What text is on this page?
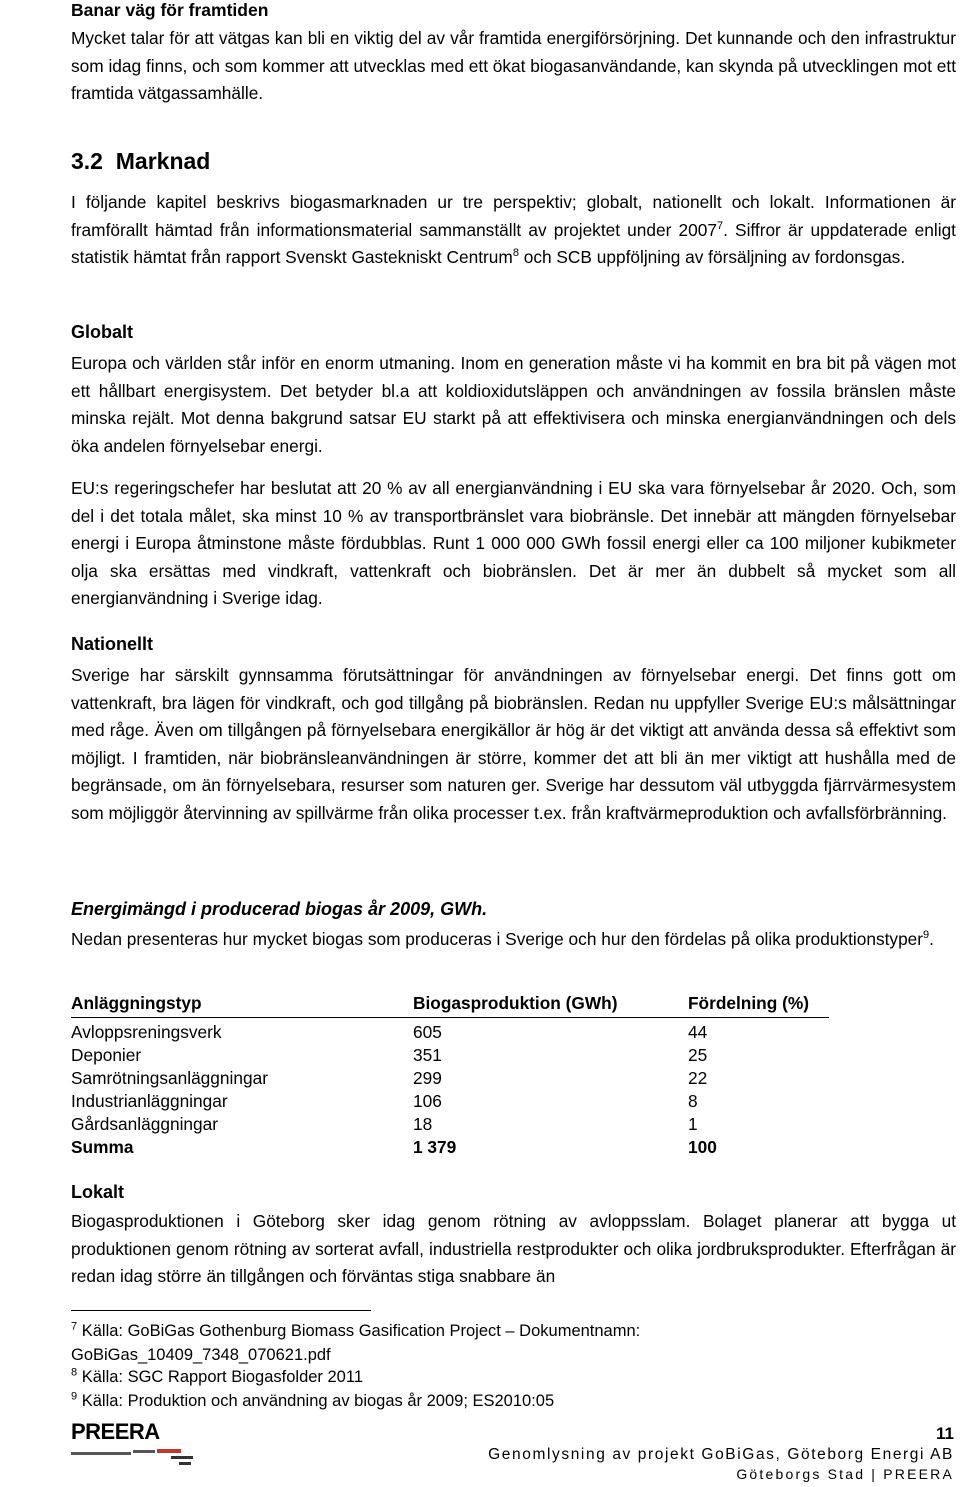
Banar väg för framtiden
Mycket talar för att vätgas kan bli en viktig del av vår framtida energiförsörjning. Det kunnande och den infrastruktur som idag finns, och som kommer att utvecklas med ett ökat biogasanvändande, kan skynda på utvecklingen mot ett framtida vätgassamhälle.
3.2  Marknad
I följande kapitel beskrivs biogasmarknaden ur tre perspektiv; globalt, nationellt och lokalt. Informationen är framförallt hämtad från informationsmaterial sammanställt av projektet under 2007$^7$. Siffror är uppdaterade enligt statistik hämtat från rapport Svenskt Gastekniskt Centrum$^8$ och SCB uppföljning av försäljning av fordonsgas.
Globalt
Europa och världen står inför en enorm utmaning. Inom en generation måste vi ha kommit en bra bit på vägen mot ett hållbart energisystem. Det betyder bl.a att koldioxidutsläppen och användningen av fossila bränslen måste minska rejält. Mot denna bakgrund satsar EU starkt på att effektivisera och minska energianvändningen och dels öka andelen förnyelsebar energi.
EU:s regeringschefer har beslutat att 20 % av all energianvändning i EU ska vara förnyelsebar år 2020. Och, som del i det totala målet, ska minst 10 % av transportbränslet vara biobränsle. Det innebär att mängden förnyelsebar energi i Europa åtminstone måste fördubblas. Runt 1 000 000 GWh fossil energi eller ca 100 miljoner kubikmeter olja ska ersättas med vindkraft, vattenkraft och biobränslen. Det är mer än dubbelt så mycket som all energianvändning i Sverige idag.
Nationellt
Sverige har särskilt gynnsamma förutsättningar för användningen av förnyelsebar energi. Det finns gott om vattenkraft, bra lägen för vindkraft, och god tillgång på biobränslen. Redan nu uppfyller Sverige EU:s målsättningar med råge. Även om tillgången på förnyelsebara energikällor är hög är det viktigt att använda dessa så effektivt som möjligt. I framtiden, när biobränsleanvändningen är större, kommer det att bli än mer viktigt att hushålla med de begränsade, om än förnyelsebara, resurser som naturen ger. Sverige har dessutom väl utbyggda fjärrvärmesystem som möjliggör återvinning av spillvärme från olika processer t.ex. från kraftvärmeproduktion och avfallsförbränning.
Energimängd i producerad biogas år 2009, GWh.
Nedan presenteras hur mycket biogas som produceras i Sverige och hur den fördelas på olika produktionstyper$^9$.
Anläggningstyp	Biogasproduktion (GWh)	Fördelning (%)
Avloppsreningsverk	605	44
Deponier	351	25
Samrötningsanläggningar	299	22
Industrianläggningar	106	8
Gårdsanläggningar	18	1
Summa	1 379	100
Lokalt
Biogasproduktionen i Göteborg sker idag genom rötning av avloppsslam. Bolaget planerar att bygga ut produktionen genom rötning av sorterat avfall, industriella restprodukter och olika jordbruksprodukter. Efterfrågan är redan idag större än tillgången och förväntas stiga snabbare än
$^7$ Källa: GoBiGas Gothenburg Biomass Gasification Project – Dokumentnamn:
GoBiGas_10409_7348_070621.pdf
$^8$ Källa: SGC Rapport Biogasfolder 2011
$^9$ Källa: Produktion och användning av biogas år 2009; ES2010:05
PREERA	11
Genomlysning av projekt GoBiGas, Göteborg Energi AB
Göteborgs Stad | PREERA
